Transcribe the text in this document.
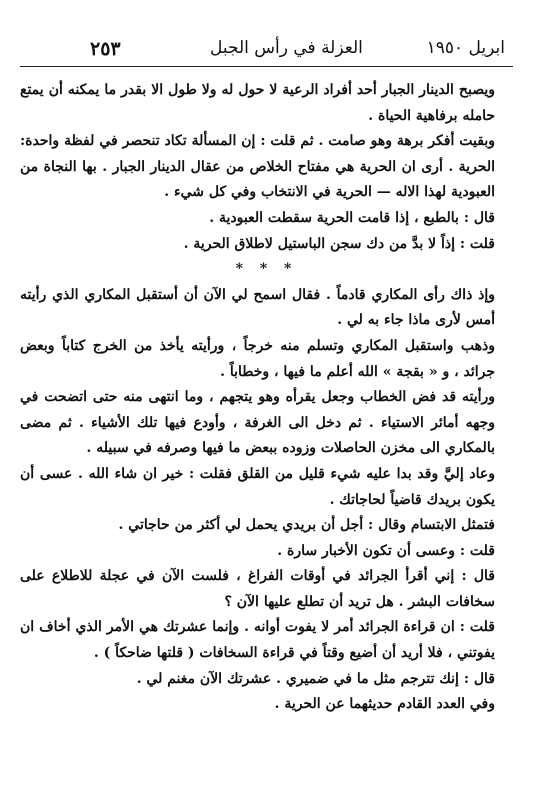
٢٥٣	العزلة في رأس الجبل	ابريل ١٩٥٠

ويصبح الدينار الجبار أحد أفراد الرعية لا حول له ولا طول الا بقدر ما يمكنه أن يمتع حامله برفاهية الحياة .

وبقيت أفكر برهة وهو صامت . ثم قلت : إن المسألة تكاد تنحصر في لفظة واحدة: الحرية . أرى ان الحرية هي مفتاح الخلاص من عقال الدينار الجبار . بها النجاة من العبودية لهذا الاله — الحرية في الانتخاب وفي كل شيء .

قال : بالطبع ، إذا قامت الحرية سقطت العبودية .

قلت : إذاً لا بدَّ من دك سجن الباستيل لاطلاق الحرية .

* * *

وإذ ذاك رأى المكاري قادماً . فقال اسمح لي الآن أن أستقبل المكاري الذي رأيته أمس لأرى ماذا جاء به لي .

وذهب واستقبل المكاري وتسلم منه خرجاً ، ورأيته يأخذ من الخرج كتاباً وبعض جرائد ، و « بقجة » الله أعلم ما فيها ، وخطاباً .

ورأيته قد فض الخطاب وجعل يقرأه وهو يتجهم ، وما انتهى منه حتى اتضحت في وجهه أمائر الاستياء . ثم دخل الى الغرفة ، وأودع فيها تلك الأشياء . ثم مضى بالمكاري الى مخزن الحاصلات وزوده ببعض ما فيها وصرفه في سبيله .

وعاد إليَّ وقد بدا عليه شيء قليل من القلق فقلت : خير ان شاء الله . عسى أن يكون بريدك قاضياً لحاجاتك .

فتمثل الابتسام وقال : أجل أن بريدي يحمل لي أكثر من حاجاتي .

قلت : وعسى أن تكون الأخبار سارة .

قال : إني أقرأ الجرائد في أوقات الفراغ ، فلست الآن في عجلة للاطلاع على سخافات البشر . هل تريد أن تطلع عليها الآن ؟

قلت : ان قراءة الجرائد أمر لا يفوت أوانه . وإنما عشرتك هي الأمر الذي أخاف ان يفوتني ، فلا أريد أن أضيع وقتاً في قراءة السخافات ( قلتها ضاحكاً ) .

قال : إنك تترجم مثل ما في ضميري . عشرتك الآن مغنم لي .

وفي العدد القادم حديثهما عن الحرية .
